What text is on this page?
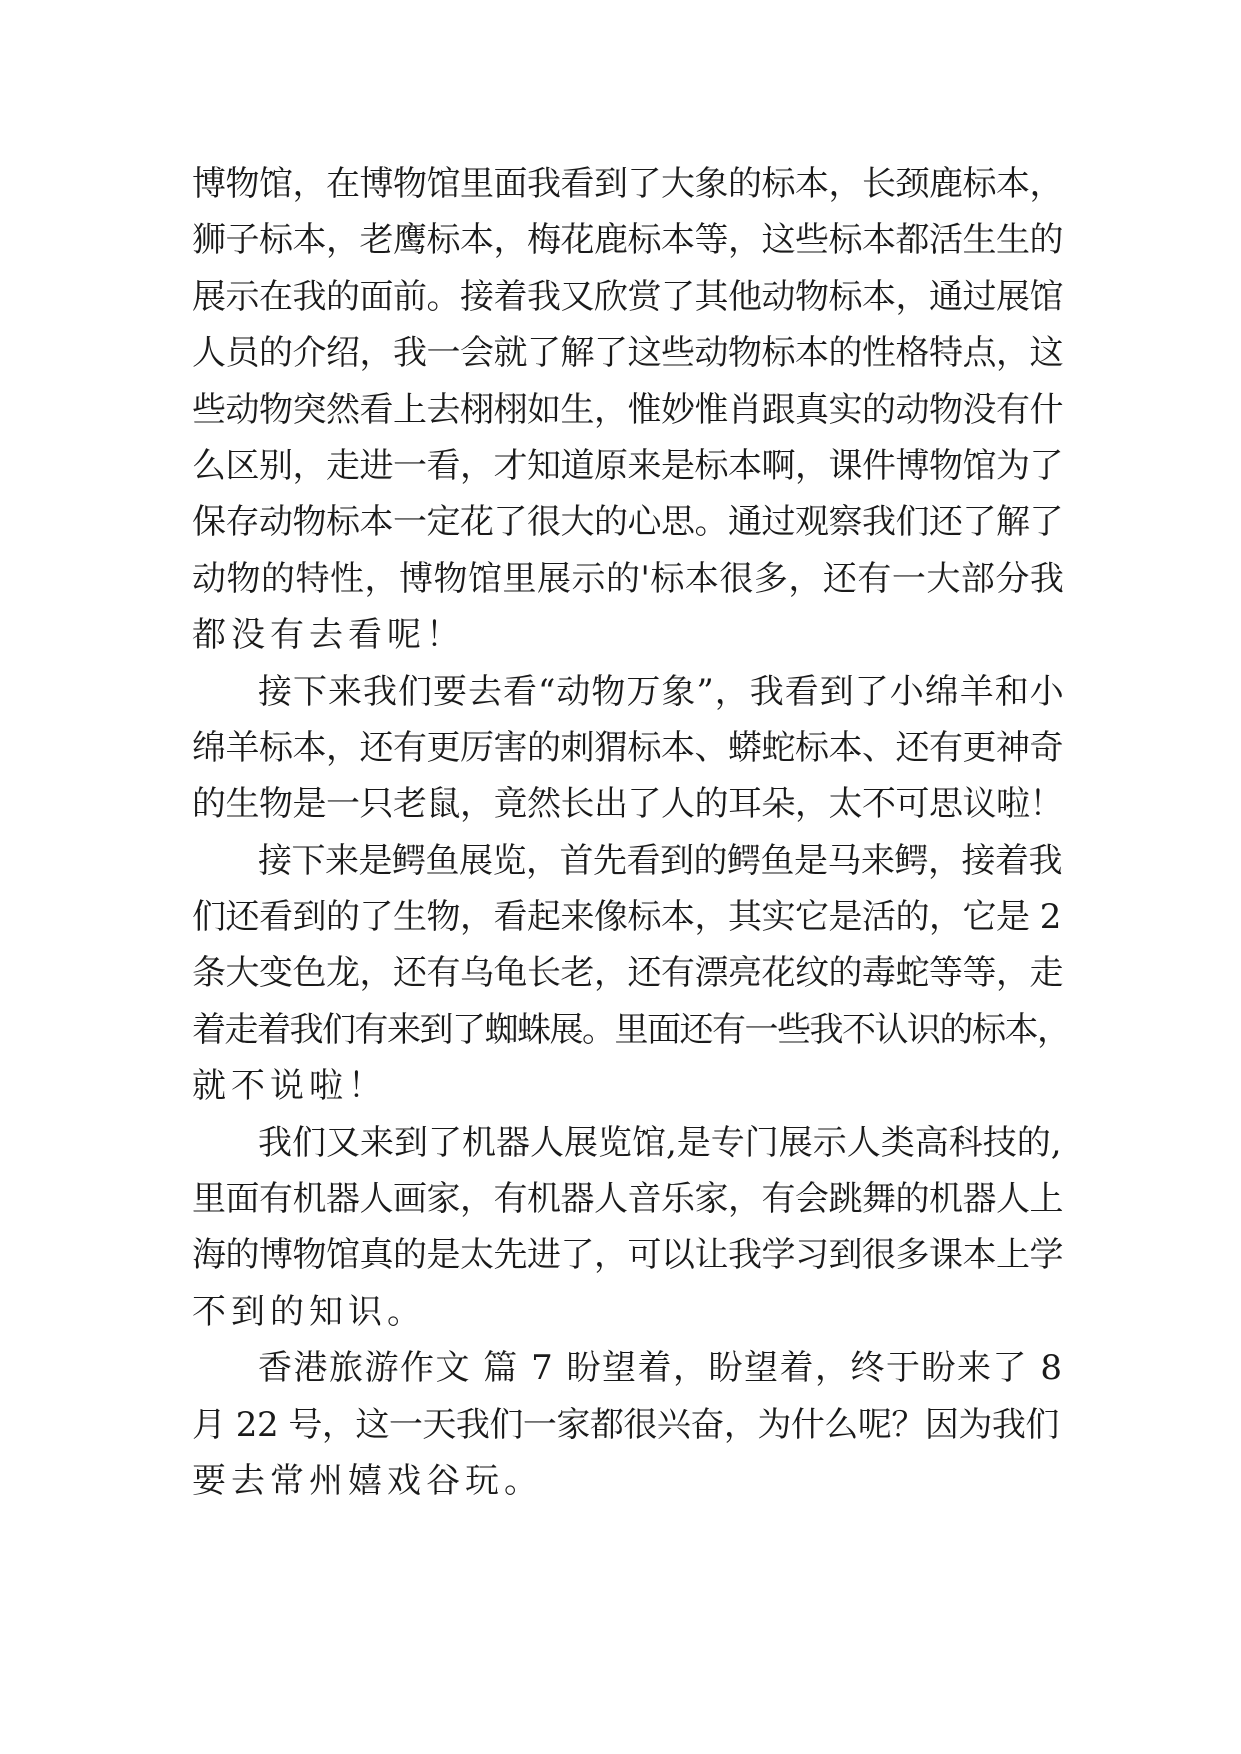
博物馆，在博物馆里面我看到了大象的标本，长颈鹿标本，
狮子标本，老鹰标本，梅花鹿标本等，这些标本都活生生的
展示在我的面前。接着我又欣赏了其他动物标本，通过展馆
人员的介绍，我一会就了解了这些动物标本的性格特点，这
些动物突然看上去栩栩如生，惟妙惟肖跟真实的动物没有什
么区别，走进一看，才知道原来是标本啊，课件博物馆为了
保存动物标本一定花了很大的心思。通过观察我们还了解了
动物的特性，博物馆里展示的'标本很多，还有一大部分我
都没有去看呢！
接下来我们要去看“动物万象”，我看到了小绵羊和小
绵羊标本，还有更厉害的刺猬标本、蟒蛇标本、还有更神奇
的生物是一只老鼠，竟然长出了人的耳朵，太不可思议啦！
接下来是鳄鱼展览，首先看到的鳄鱼是马来鳄，接着我
们还看到的了生物，看起来像标本，其实它是活的，它是 2
条大变色龙，还有乌龟长老，还有漂亮花纹的毒蛇等等，走
着走着我们有来到了蜘蛛展。里面还有一些我不认识的标本，
就不说啦！
我们又来到了机器人展览馆,是专门展示人类高科技的,
里面有机器人画家，有机器人音乐家，有会跳舞的机器人上
海的博物馆真的是太先进了，可以让我学习到很多课本上学
不到的知识。
香港旅游作文 篇 7 盼望着，盼望着，终于盼来了 8
月 22 号，这一天我们一家都很兴奋，为什么呢？因为我们
要去常州嬉戏谷玩。
